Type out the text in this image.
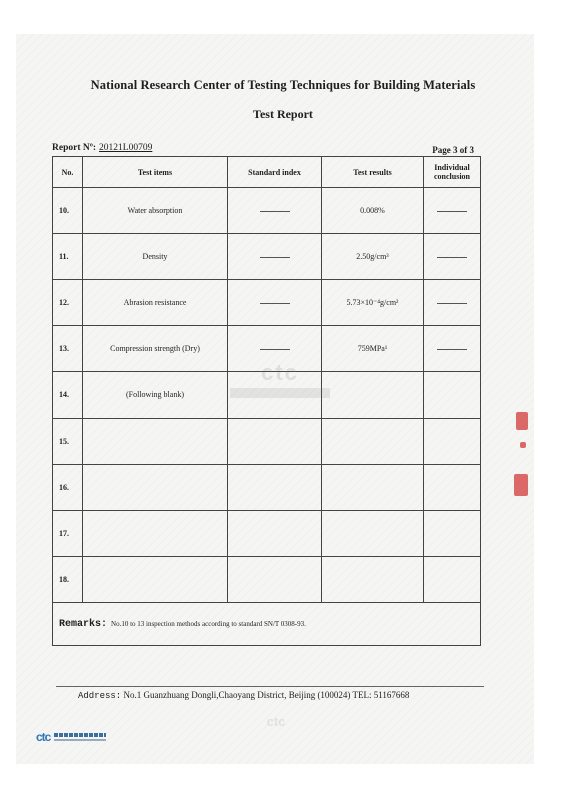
National Research Center of Testing Techniques for Building Materials
Test Report
Report Nº: 20121L00709	Page 3 of 3
No.	Test items	Standard index	Test results	Individual conclusion
10.	Water absorption		0.008%	
11.	Density		2.50g/cm³	
12.	Abrasion resistance		5.73×10⁻⁴g/cm²	
13.	Compression strength (Dry)		759MPa¹	
14.	(Following blank)			
15.				
16.				
17.				
18.				
Remarks: No.10 to 13 inspection methods according to standard SN/T 0308-93.				
ctc
Address: No.1 Guanzhuang Dongli,Chaoyang District, Beijing (100024) TEL: 51167668
ctc
ctc
